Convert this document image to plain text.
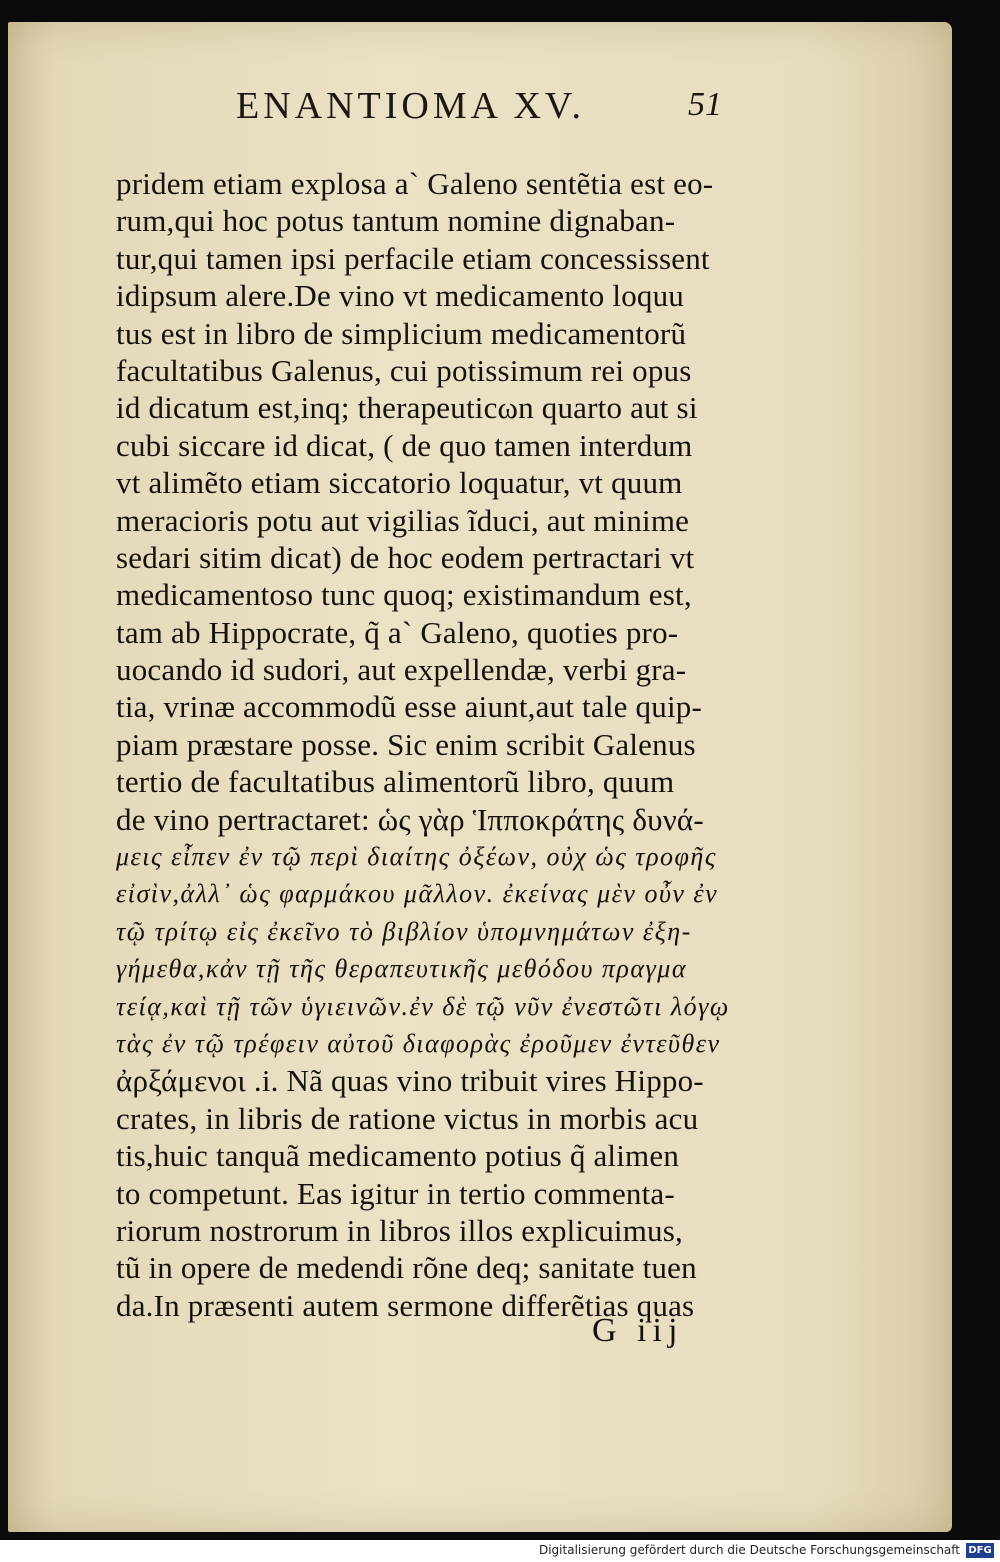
ENANTIOMA XV.	51
pridem etiam explosa a` Galeno sentẽtia est eo-
rum,qui hoc potus tantum nomine dignaban-
tur,qui tamen ipsi perfacile etiam concessissent
idipsum alere.De vino vt medicamento loquu
tus est in libro de simplicium medicamentorũ
facultatibus Galenus, cui potissimum rei opus
id dicatum est,inq; therapeuticωn quarto aut si
cubi siccare id dicat, ( de quo tamen interdum
vt alimẽto etiam siccatorio loquatur, vt quum
meracioris potu aut vigilias ĩduci, aut minime
sedari sitim dicat) de hoc eodem pertractari vt
medicamentoso tunc quoq; existimandum est,
tam ab Hippocrate, q̃ a` Galeno, quoties pro-
uocando id sudori, aut expellendæ, verbi gra-
tia, vrinæ accommodũ esse aiunt,aut tale quip-
piam præstare posse. Sic enim scribit Galenus
tertio de facultatibus alimentorũ libro, quum
de vino pertractaret: ὡς γὰρ Ἱπποκράτης δυνά-
μεις εἶπεν ἐν τῷ περὶ διαίτης ὀξέων, οὐχ ὡς τροφῆς
εἰσὶν,ἀλλ᾽ ὡς φαρμάκου μᾶλλον. ἐκείνας μὲν οὖν ἐν
τῷ τρίτῳ εἰς ἐκεῖνο τὸ βιβλίον ὑπομνημάτων ἐξη-
γήμεθα,κἀν τῇ τῆς θεραπευτικῆς μεθόδου πραγμα
τείᾳ,καὶ τῇ τῶν ὑγιεινῶν.ἐν δὲ τῷ νῦν ἐνεστῶτι λόγῳ
τὰς ἐν τῷ τρέφειν αὐτοῦ διαφορὰς ἐροῦμεν ἐντεῦθεν
ἀρξάμενοι .i. Nã quas vino tribuit vires Hippo-
crates, in libris de ratione victus in morbis acu
tis,huic tanquã medicamento potius q̃ alimen
to competunt. Eas igitur in tertio commenta-
riorum nostrorum in libros illos explicuimus,
tũ in opere de medendi rõne deq; sanitate tuen
da.In præsenti autem sermone differẽtias quas
G iij
Digitalisierung gefördert durch die Deutsche Forschungsgemeinschaft DFG
